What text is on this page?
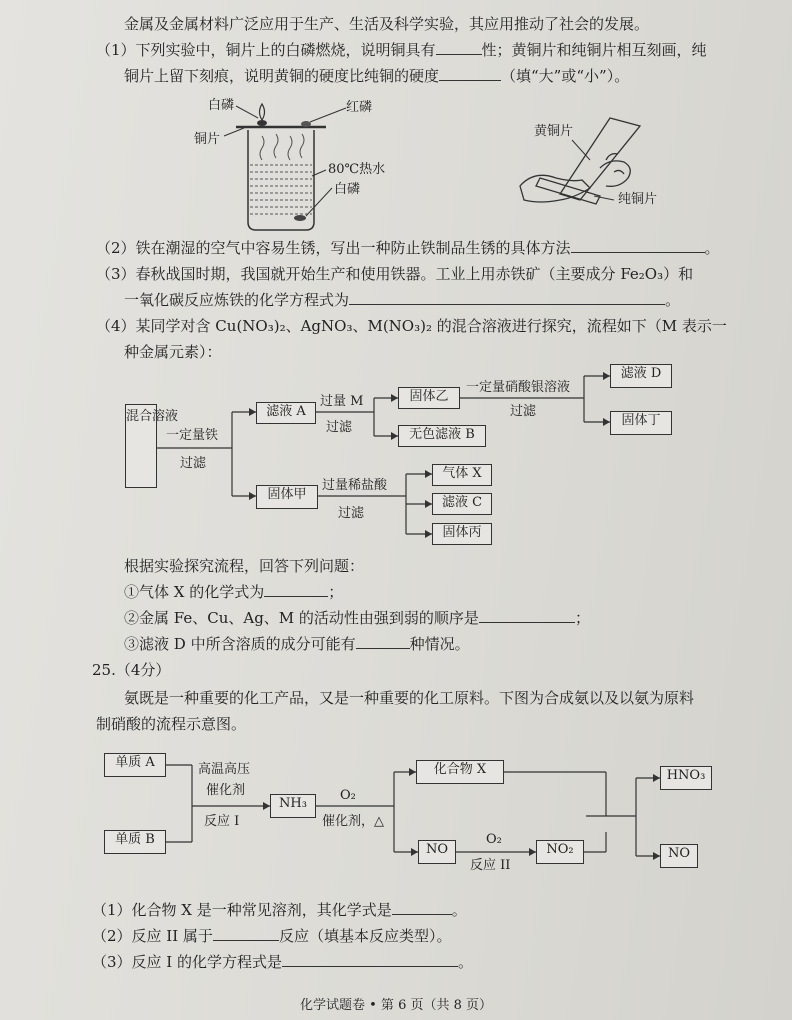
金属及金属材料广泛应用于生产、生活及科学实验，其应用推动了社会的发展。
（1）下列实验中，铜片上的白磷燃烧，说明铜具有	性；黄铜片和纯铜片相互刻画，纯
铜片上留下刻痕，说明黄铜的硬度比纯铜的硬度	（填“大”或“小”）。
白磷	红磷
铜片
80℃热水
白磷
黄铜片
纯铜片
（2）铁在潮湿的空气中容易生锈，写出一种防止铁制品生锈的具体方法	。
（3）春秋战国时期，我国就开始生产和使用铁器。工业上用赤铁矿（主要成分 Fe₂O₃）和
一氧化碳反应炼铁的化学方程式为	。
（4）某同学对含 Cu(NO₃)₂、AgNO₃、M(NO₃)₂ 的混合溶液进行探究，流程如下（M 表示一
种金属元素）：
混合溶液
一定量铁
过滤
滤液 A
过量 M
过滤
固体乙
一定量硝酸银溶液
过滤
滤液 D
固体丁
无色滤液 B
固体甲
过量稀盐酸
过滤
气体 X
滤液 C
固体丙
根据实验探究流程，回答下列问题：
①气体 X 的化学式为	；
②金属 Fe、Cu、Ag、M 的活动性由强到弱的顺序是	；
③滤液 D 中所含溶质的成分可能有	种情况。
25.（4分）
氨既是一种重要的化工产品，又是一种重要的化工原料。下图为合成氨以及以氨为原料
制硝酸的流程示意图。
单质 A
单质 B
高温高压
催化剂
反应 I
NH₃
O₂
催化剂，△
化合物 X
NO
O₂
反应 II
NO₂
HNO₃
NO
（1）化合物 X 是一种常见溶剂，其化学式是	。
（2）反应 II 属于	反应（填基本反应类型）。
（3）反应 I 的化学方程式是	。
化学试题卷 • 第 6 页（共 8 页）
